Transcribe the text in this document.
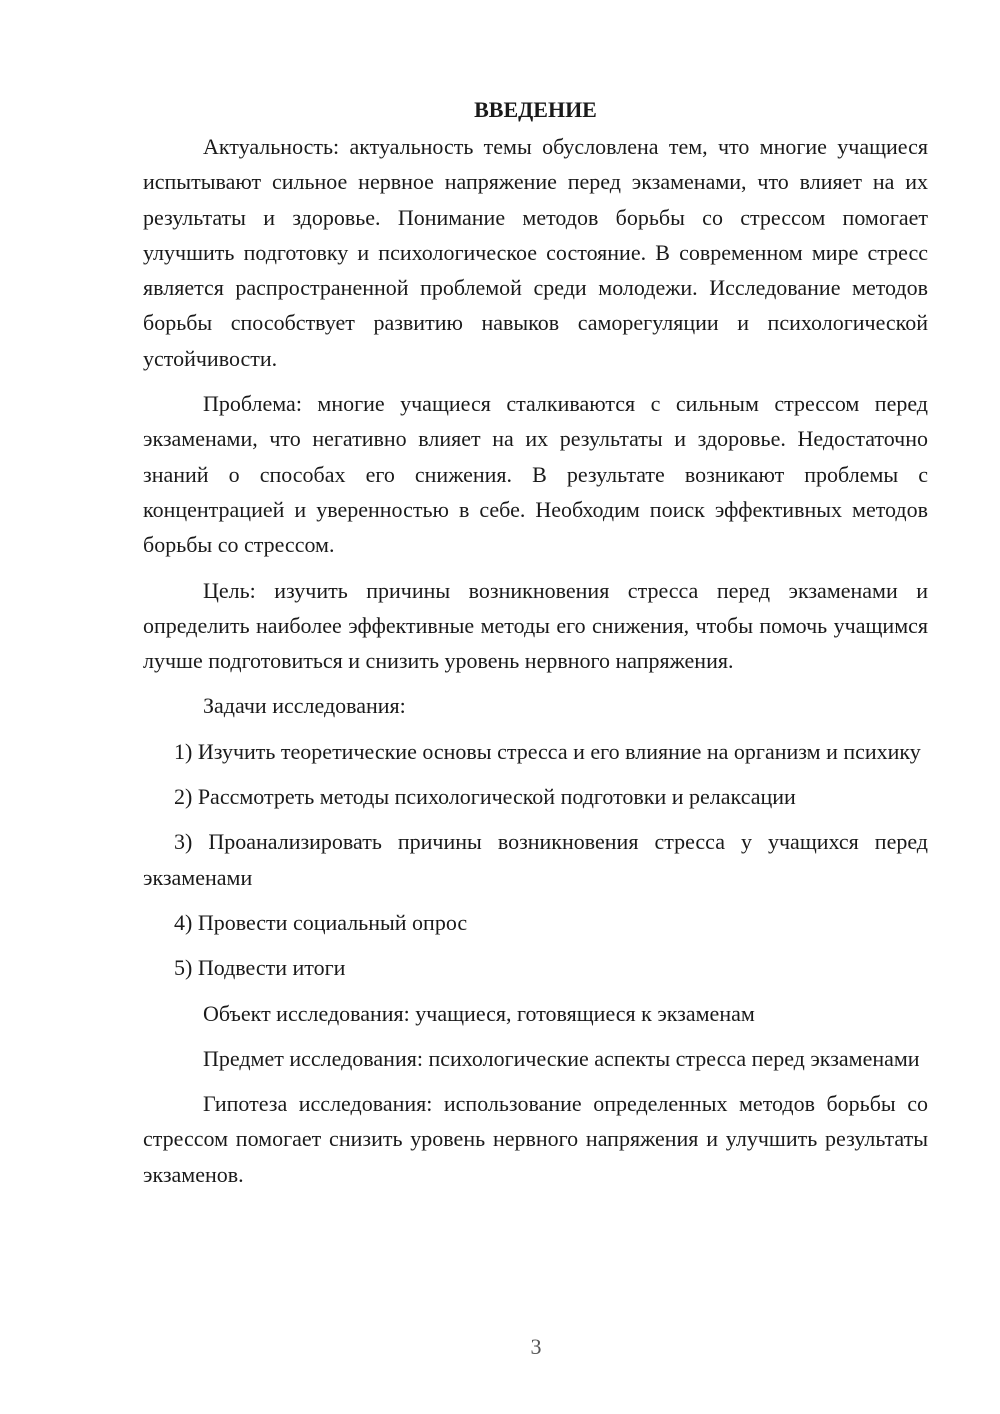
ВВЕДЕНИЕ

Актуальность: актуальность темы обусловлена тем, что многие учащиеся испытывают сильное нервное напряжение перед экзаменами, что влияет на их результаты и здоровье. Понимание методов борьбы со стрессом помогает улучшить подготовку и психологическое состояние. В современном мире стресс является распространенной проблемой среди молодежи. Исследование методов борьбы способствует развитию навыков саморегуляции и психологической устойчивости.

Проблема: многие учащиеся сталкиваются с сильным стрессом перед экзаменами, что негативно влияет на их результаты и здоровье. Недостаточно знаний о способах его снижения. В результате возникают проблемы с концентрацией и уверенностью в себе. Необходим поиск эффективных методов борьбы со стрессом.

Цель: изучить причины возникновения стресса перед экзаменами и определить наиболее эффективные методы его снижения, чтобы помочь учащимся лучше подготовиться и снизить уровень нервного напряжения.

Задачи исследования:

1) Изучить теоретические основы стресса и его влияние на организм и психику

2) Рассмотреть методы психологической подготовки и релаксации

3) Проанализировать причины возникновения стресса у учащихся перед экзаменами

4) Провести социальный опрос

5) Подвести итоги

Объект исследования: учащиеся, готовящиеся к экзаменам

Предмет исследования: психологические аспекты стресса перед экзаменами

Гипотеза исследования: использование определенных методов борьбы со стрессом помогает снизить уровень нервного напряжения и улучшить результаты экзаменов.

3
